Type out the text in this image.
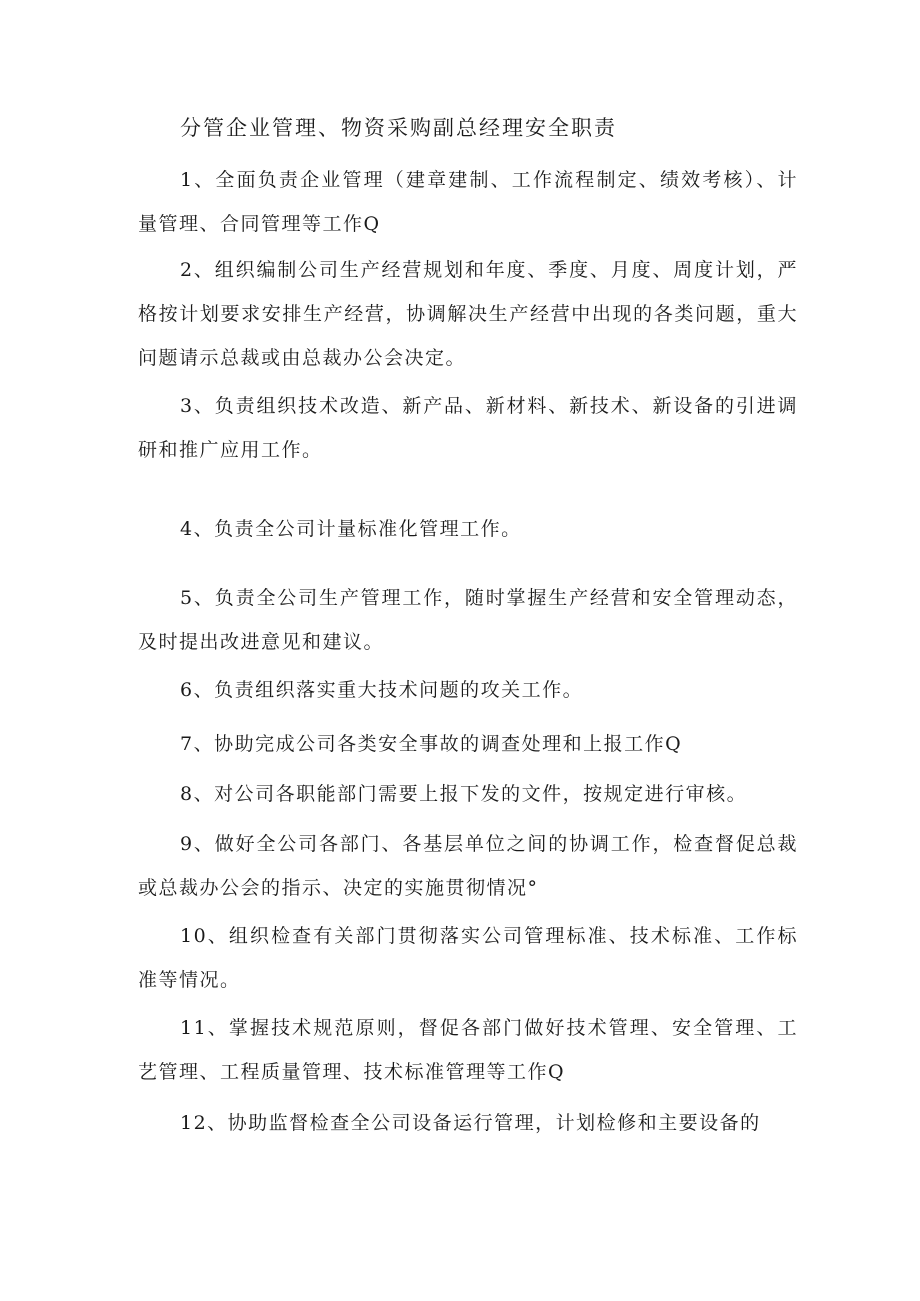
分管企业管理、物资采购副总经理安全职责

1、全面负责企业管理（建章建制、工作流程制定、绩效考核）、计量管理、合同管理等工作Q

2、组织编制公司生产经营规划和年度、季度、月度、周度计划，严格按计划要求安排生产经营，协调解决生产经营中出现的各类问题，重大问题请示总裁或由总裁办公会决定。

3、负责组织技术改造、新产品、新材料、新技术、新设备的引进调研和推广应用工作。

4、负责全公司计量标准化管理工作。

5、负责全公司生产管理工作，随时掌握生产经营和安全管理动态，及时提出改进意见和建议。

6、负责组织落实重大技术问题的攻关工作。

7、协助完成公司各类安全事故的调查处理和上报工作Q

8、对公司各职能部门需要上报下发的文件，按规定进行审核。

9、做好全公司各部门、各基层单位之间的协调工作，检查督促总裁或总裁办公会的指示、决定的实施贯彻情况°

10、组织检查有关部门贯彻落实公司管理标准、技术标准、工作标准等情况。

11、掌握技术规范原则，督促各部门做好技术管理、安全管理、工艺管理、工程质量管理、技术标准管理等工作Q

12、协助监督检查全公司设备运行管理，计划检修和主要设备的
